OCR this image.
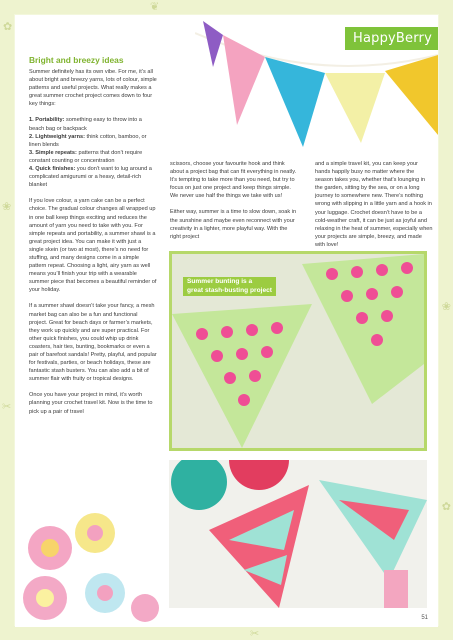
✿
❀
✂
❀
✿
❦
✂
HappyBerry
Bright and breezy ideas

Summer definitely has its own vibe. For me, it’s all about bright and breezy yarns, lots of colour, simple patterns and useful projects. What really makes a great summer crochet project comes down to four key things:

1. Portability: something easy to throw into a beach bag or backpack
2. Lightweight yarns: think cotton, bamboo, or linen blends
3. Simple repeats: patterns that don’t require constant counting or concentration
4. Quick finishes: you don’t want to lug around a complicated amigurumi or a heavy, detail-rich blanket

If you love colour, a yarn cake can be a perfect choice. The gradual colour changes all wrapped up in one ball keep things exciting and reduces the amount of yarn you need to take with you. For simple repeats and portability, a summer shawl is a great project idea. You can make it with just a single skein (or two at most), there’s no need for stuffing, and many designs come in a simple pattern repeat. Choosing a light, airy yarn as well means you’ll finish your trip with a wearable summer piece that becomes a beautiful reminder of your holiday.

If a summer shawl doesn’t take your fancy, a mesh market bag can also be a fun and functional project. Great for beach days or farmer’s markets, they work up quickly and are super practical. For other quick finishes, you could whip up drink coasters, hair ties, bunting, bookmarks or even a pair of barefoot sandals! Pretty, playful, and popular for festivals, parties, or beach holidays, these are fantastic stash busters. You can also add a bit of summer flair with fruity or tropical designs.

Once you have your project in mind, it’s worth planning your crochet travel kit. Now is the time to pick up a pair of travel

scissors, choose your favourite hook and think about a project bag that can fit everything in neatly. It’s tempting to take more than you need, but try to focus on just one project and keep things simple. We never use half the things we take with us!

Either way, summer is a time to slow down, soak in the sunshine and maybe even reconnect with your creativity in a lighter, more playful way. With the right project

and a simple travel kit, you can keep your hands happily busy no matter where the season takes you, whether that’s lounging in the garden, sitting by the sea, or on a long journey to somewhere new. There’s nothing wrong with slipping in a little yarn and a hook in your luggage. Crochet doesn’t have to be a cold-weather craft, it can be just as joyful and relaxing in the heat of summer, especially when your projects are simple, breezy, and made with love!

Summer bunting is a
great stash-busting project
51
